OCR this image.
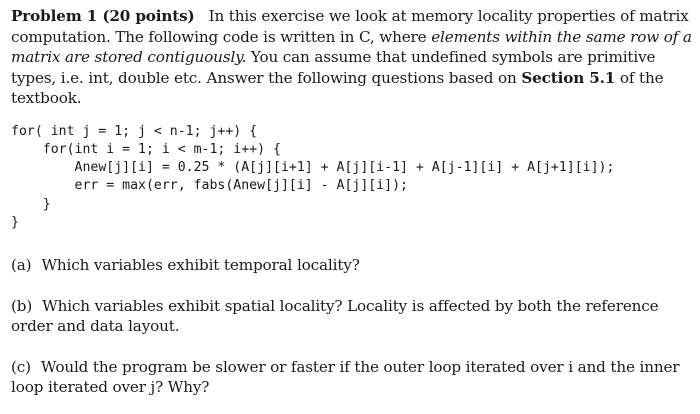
Problem 1 (20 points) In this exercise we look at memory locality properties of matrix computation. The following code is written in C, where elements within the same row of a matrix are stored contiguously. You can assume that undefined symbols are primitive types, i.e. int, double etc. Answer the following questions based on Section 5.1 of the textbook.

for( int j = 1; j < n-1; j++) {
for(int i = 1; i < m-1; i++) {
Anew[j][i] = 0.25 * (A[j][i+1] + A[j][i-1] + A[j-1][i] + A[j+1][i]);
err = max(err, fabs(Anew[j][i] - A[j][i]);
}
}

(a) Which variables exhibit temporal locality?

(b) Which variables exhibit spatial locality? Locality is affected by both the reference order and data layout.

(c) Would the program be slower or faster if the outer loop iterated over i and the inner loop iterated over j? Why?
